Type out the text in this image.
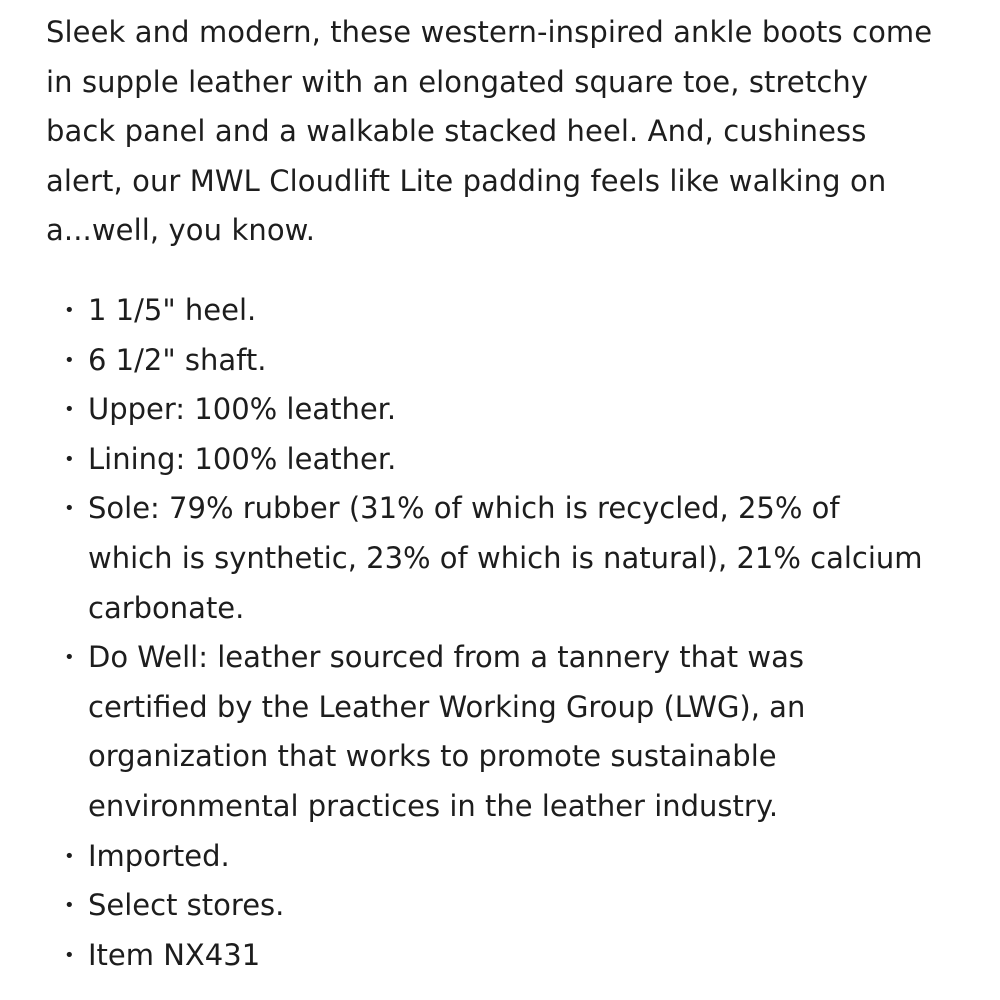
Sleek and modern, these western-inspired ankle boots come in supple leather with an elongated square toe, stretchy back panel and a walkable stacked heel. And, cushiness alert, our MWL Cloudlift Lite padding feels like walking on a...well, you know.

• 1 1/5" heel.
• 6 1/2" shaft.
• Upper: 100% leather.
• Lining: 100% leather.
• Sole: 79% rubber (31% of which is recycled, 25% of which is synthetic, 23% of which is natural), 21% calcium carbonate.
• Do Well: leather sourced from a tannery that was certified by the Leather Working Group (LWG), an organization that works to promote sustainable environmental practices in the leather industry.
• Imported.
• Select stores.
• Item NX431
